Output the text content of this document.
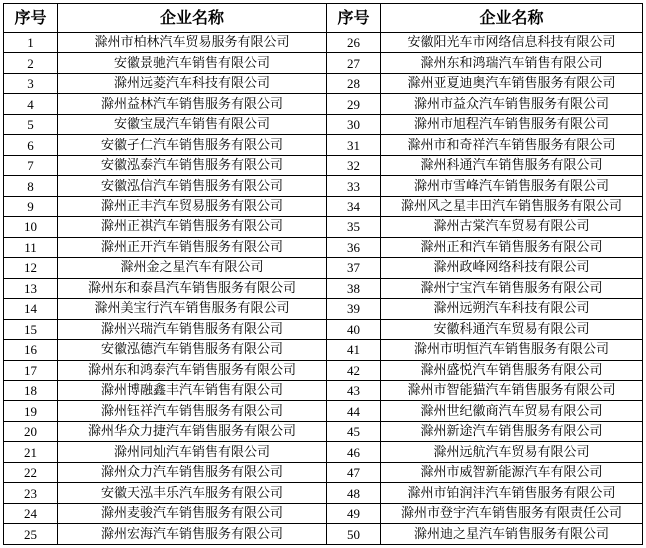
序号	企业名称	序号	企业名称
1	滁州市柏林汽车贸易服务有限公司	26	安徽阳光车市网络信息科技有限公司
2	安徽景驰汽车销售有限公司	27	滁州东和鸿瑞汽车销售有限公司
3	滁州远菱汽车科技有限公司	28	滁州亚夏迪奥汽车销售服务有限公司
4	滁州益林汽车销售服务有限公司	29	滁州市益众汽车销售服务有限公司
5	安徽宝晟汽车销售有限公司	30	滁州市旭程汽车销售服务有限公司
6	安徽孑仁汽车销售服务有限公司	31	滁州市和奇祥汽车销售服务有限公司
7	安徽泓泰汽车销售服务有限公司	32	滁州科通汽车销售服务有限公司
8	安徽泓信汽车销售服务有限公司	33	滁州市雪峰汽车销售服务有限公司
9	滁州正丰汽车贸易服务有限公司	34	滁州风之星丰田汽车销售服务有限公司
10	滁州正祺汽车销售服务有限公司	35	滁州古棠汽车贸易有限公司
11	滁州正开汽车销售服务有限公司	36	滁州正和汽车销售服务有限公司
12	滁州金之星汽车有限公司	37	滁州政峰网络科技有限公司
13	滁州东和泰昌汽车销售服务有限公司	38	滁州宁宝汽车销售服务有限公司
14	滁州美宝行汽车销售服务有限公司	39	滁州远朔汽车科技有限公司
15	滁州兴瑞汽车销售服务有限公司	40	安徽科通汽车贸易有限公司
16	安徽泓德汽车销售服务有限公司	41	滁州市明恒汽车销售服务有限公司
17	滁州东和鸿泰汽车销售服务有限公司	42	滁州盛悦汽车销售服务有限公司
18	滁州博融鑫丰汽车销售有限公司	43	滁州市智能猫汽车销售服务有限公司
19	滁州钰祥汽车销售服务有限公司	44	滁州世纪徽商汽车贸易有限公司
20	滁州华众力捷汽车销售服务有限公司	45	滁州新途汽车销售服务有限公司
21	滁州同灿汽车销售有限公司	46	滁州远航汽车贸易有限公司
22	滁州众力汽车销售服务有限公司	47	滁州市威智新能源汽车有限公司
23	安徽天泓丰乐汽车服务有限公司	48	滁州市铂润沣汽车销售服务有限公司
24	滁州麦骏汽车销售服务有限公司	49	滁州市登宇汽车销售服务有限责任公司
25	滁州宏海汽车销售服务有限公司	50	滁州迪之星汽车销售服务有限公司
